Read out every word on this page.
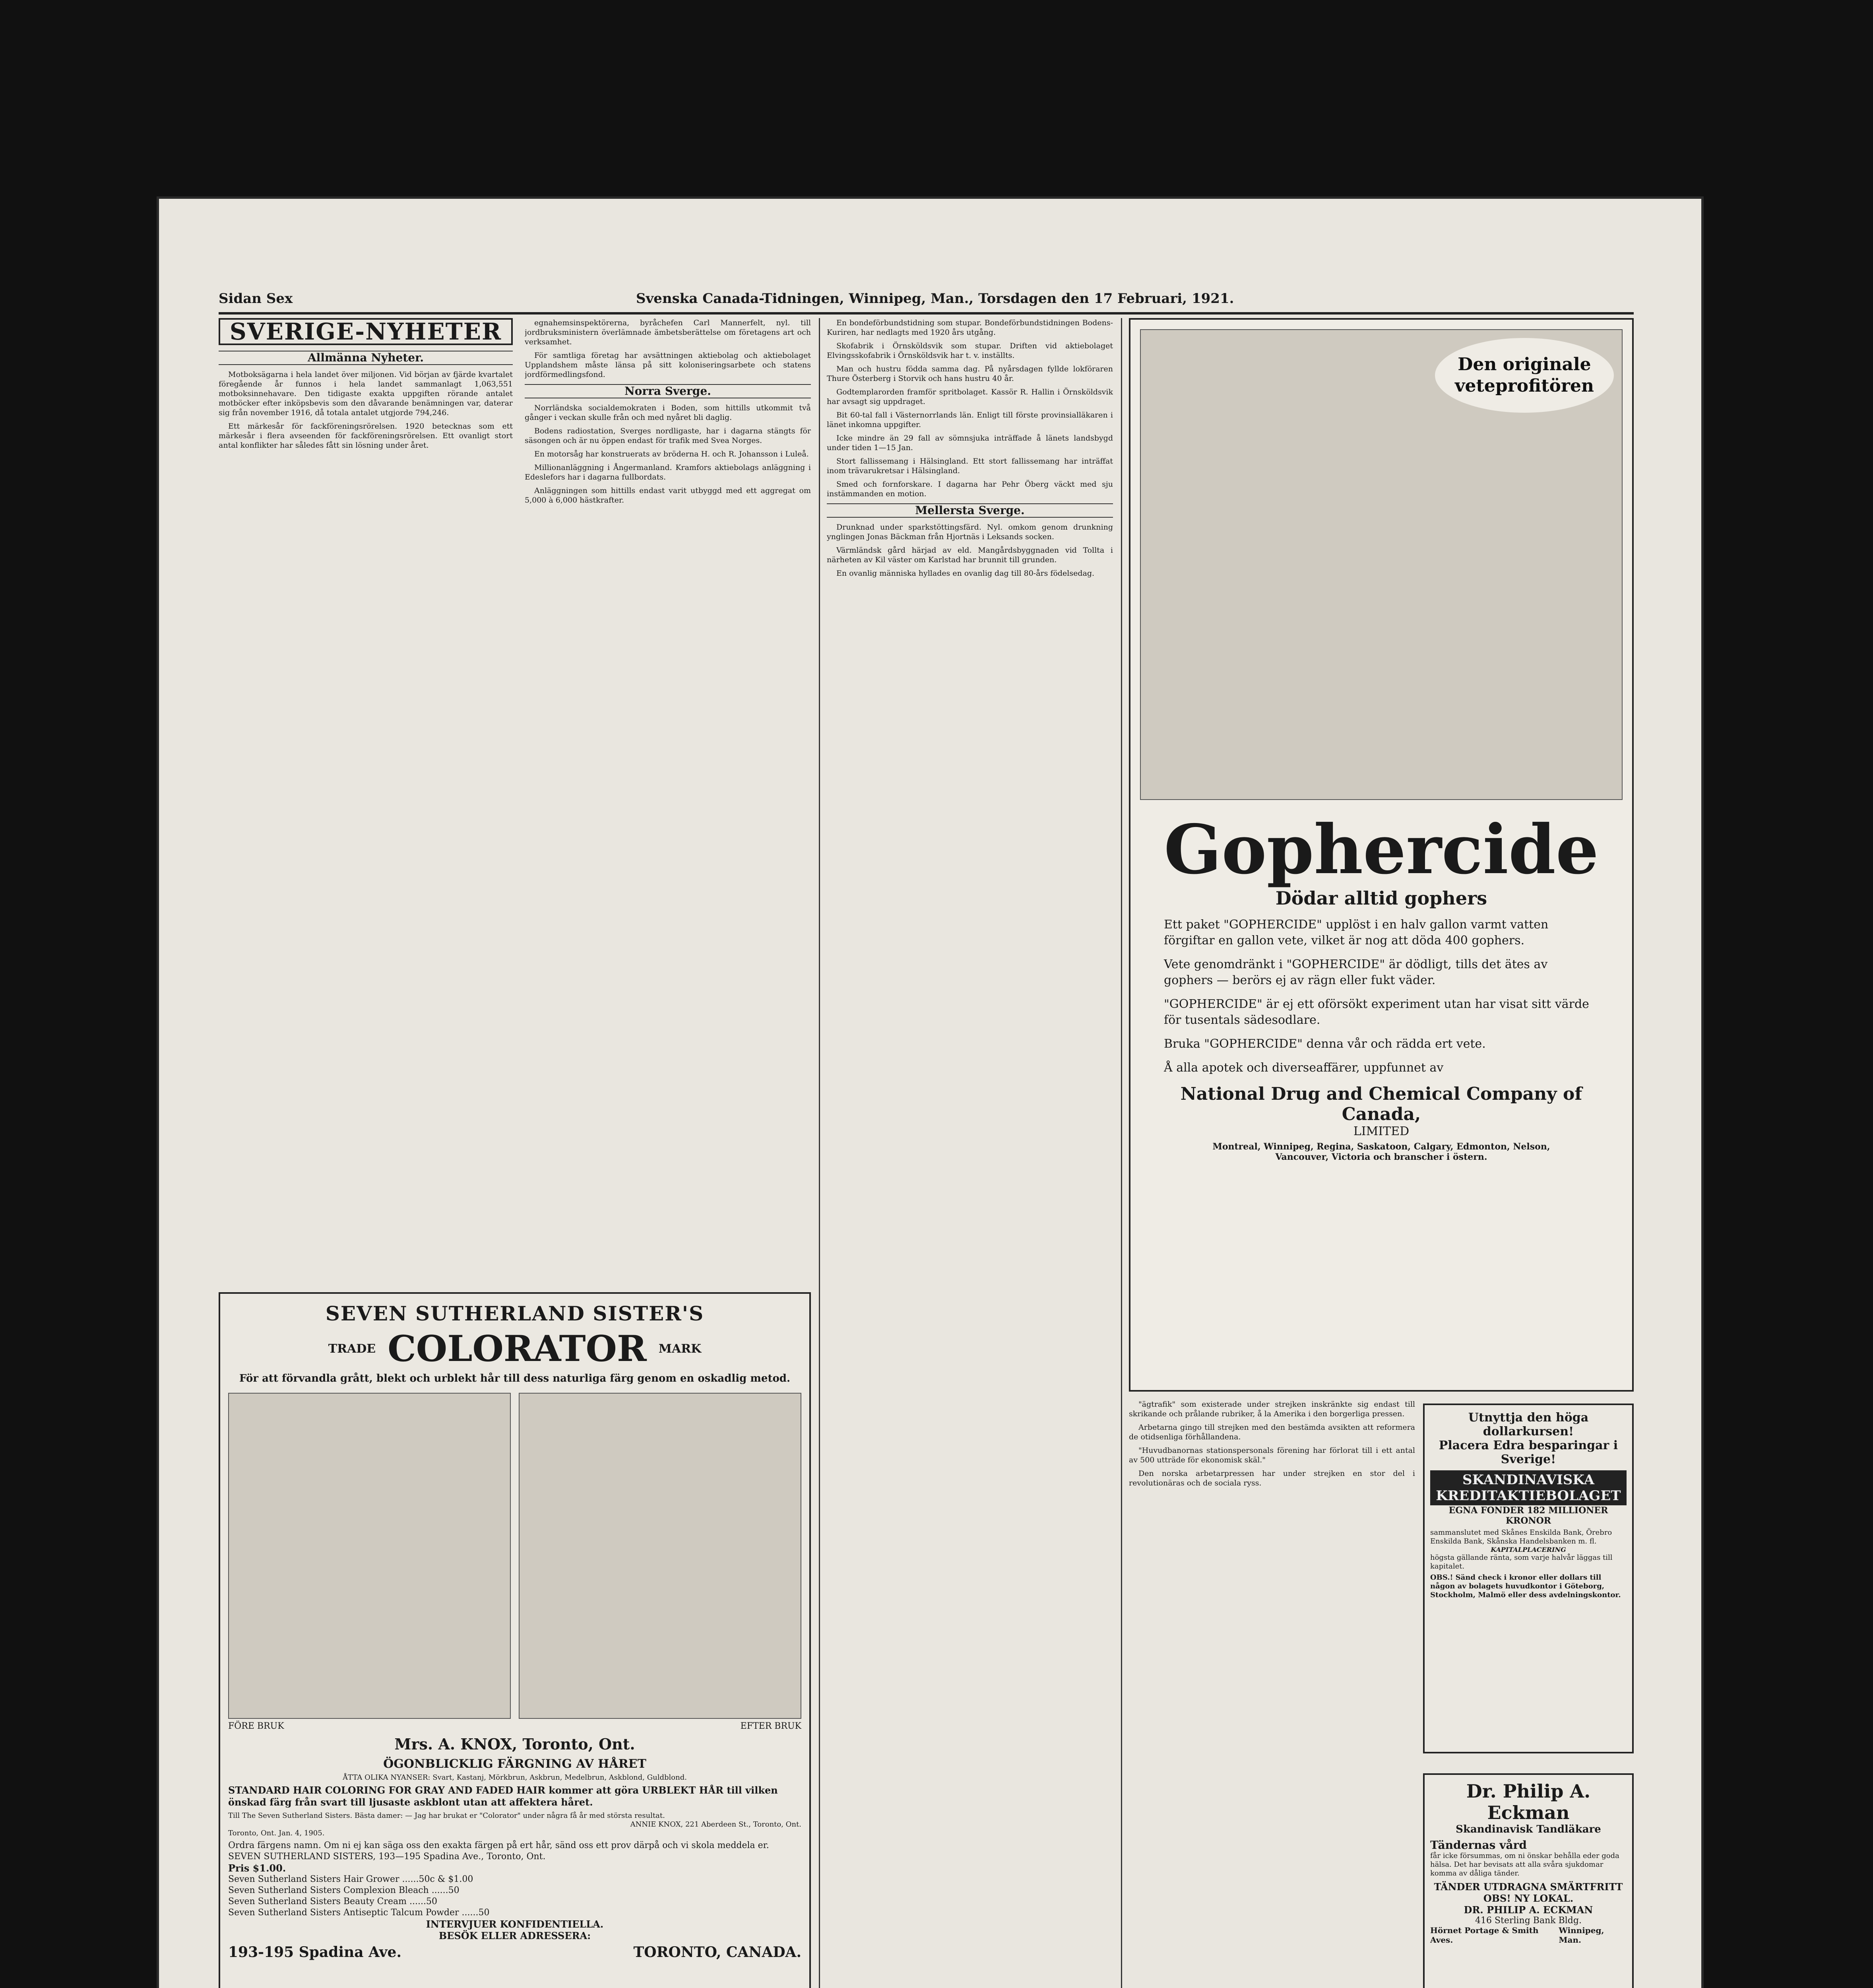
Sidan Sex	Svenska Canada-Tidningen, Winnipeg, Man., Torsdagen den 17 Februari, 1921.
SVERIGE-NYHETER
Allmänna Nyheter.

Motboksägarna i hela landet över miljonen. Vid början av fjärde kvartalet föregående år funnos i hela landet sammanlagt 1,063,551 motboksinnehavare. Den tidigaste exakta uppgiften rörande antalet motböcker efter inköpsbevis som den dåvarande benämningen var, daterar sig från november 1916, då totala antalet utgjorde 794,246.

Ett märkesår för fackföreningsrörelsen. 1920 betecknas som ett märkesår i flera avseenden för fackföreningsrörelsen. Ett ovanligt stort antal konflikter har således fått sin lösning under året.

egnahemsinspektörerna, byråchefen Carl Mannerfelt, nyl. till jordbruksministern överlämnade ämbetsberättelse om företagens art och verksamhet.

För samtliga företag har avsättningen aktiebolag och aktiebolaget Upplandshem måste länsa på sitt koloniseringsarbete och statens jordförmedlingsfond.

Norra Sverge.

Norrländska socialdemokraten i Boden, som hittills utkommit två gånger i veckan skulle från och med nyåret bli daglig.

Bodens radiostation, Sverges nordligaste, har i dagarna stängts för säsongen och är nu öppen endast för trafik med Svea Norges.

En motorsåg har konstruerats av bröderna H. och R. Johansson i Luleå.

Millionanläggning i Ångermanland. Kramfors aktiebolags anläggning i Edeslefors har i dagarna fullbordats.

Anläggningen som hittills endast varit utbyggd med ett aggregat om 5,000 à 6,000 hästkrafter.

SEVEN SUTHERLAND SISTER'S
TRADE COLORATOR MARK
För att förvandla grått, blekt och urblekt hår till dess naturliga färg genom en oskadlig metod.
FÖRE BRUK	EFTER BRUK
Mrs. A. KNOX, Toronto, Ont.
ÖGONBLICKLIG FÄRGNING AV HÅRET
ÅTTA OLIKA NYANSER: Svart, Kastanj, Mörkbrun, Askbrun, Medelbrun, Askblond, Guldblond.
STANDARD HAIR COLORING FOR GRAY AND FADED HAIR kommer att göra URBLEKT HÅR till vilken önskad färg från svart till ljusaste askblont utan att affektera håret.
Till The Seven Sutherland Sisters. Bästa damer: — Jag har brukat er "Colorator" under några få år med största resultat.
ANNIE KNOX, 221 Aberdeen St., Toronto, Ont.
Toronto, Ont. Jan. 4, 1905.
Ordra färgens namn. Om ni ej kan säga oss den exakta färgen på ert hår, sänd oss ett prov därpå och vi skola meddela er. SEVEN SUTHERLAND SISTERS, 193—195 Spadina Ave., Toronto, Ont.
Pris $1.00.
Seven Sutherland Sisters Hair Grower ......50c & $1.00
Seven Sutherland Sisters Complexion Bleach ......50
Seven Sutherland Sisters Beauty Cream ......50
Seven Sutherland Sisters Antiseptic Talcum Powder ......50
INTERVJUER KONFIDENTIELLA.
BESÖK ELLER ADRESSERA:
193-195 Spadina Ave.	TORONTO, CANADA.

En bondeförbundstidning som stupar. Bondeförbundstidningen Bodens-Kuriren, har nedlagts med 1920 års utgång.

Skofabrik i Örnsköldsvik som stupar. Driften vid aktiebolaget Elvingsskofabrik i Örnsköldsvik har t. v. inställts.

Man och hustru födda samma dag. På nyårsdagen fyllde lokföraren Thure Österberg i Storvik och hans hustru 40 år.

Godtemplarorden framför spritbolaget. Kassör R. Hallin i Örnsköldsvik har avsagt sig uppdraget.

Bit 60-tal fall i Västernorrlands län. Enligt till förste provinsialläkaren i länet inkomna uppgifter.

Icke mindre än 29 fall av sömnsjuka inträffade å länets landsbygd under tiden 1—15 Jan.

Stort fallissemang i Hälsingland. Ett stort fallissemang har inträffat inom trävarukretsar i Hälsingland.

Smed och fornforskare. I dagarna har Pehr Öberg väckt med sju instämmanden en motion.

Mellersta Sverge.

Drunknad under sparkstöttingsfärd. Nyl. omkom genom drunkning ynglingen Jonas Bäckman från Hjortnäs i Leksands socken.

Värmländsk gård härjad av eld. Mangårdsbyggnaden vid Tollta i närheten av Kil väster om Karlstad har brunnit till grunden.

En ovanlig människa hyllades en ovanlig dag till 80-års födelsedag.

Den originale
veteprofitören
Gophercide
Dödar alltid gophers

Ett paket "GOPHERCIDE" upplöst i en halv gallon varmt vatten förgiftar en gallon vete, vilket är nog att döda 400 gophers.

Vete genomdränkt i "GOPHERCIDE" är dödligt, tills det ätes av gophers — berörs ej av rägn eller fukt väder.

"GOPHERCIDE" är ej ett oförsökt experiment utan har visat sitt värde för tusentals sädesodlare.

Bruka "GOPHERCIDE" denna vår och rädda ert vete.

Å alla apotek och diverseaffärer, uppfunnet av

National Drug and Chemical Company of Canada,
LIMITED
Montreal, Winnipeg, Regina, Saskatoon, Calgary, Edmonton, Nelson,
Vancouver, Victoria och branscher i östern.

"ägtrafik" som existerade under strejken inskränkte sig endast till skrikande och prålande rubriker, å la Amerika i den borgerliga pressen.

Arbetarna gingo till strejken med den bestämda avsikten att reformera de otidsenliga förhållandena.

"Huvudbanornas stationspersonals förening har förlorat till i ett antal av 500 utträde för ekonomisk skäl."

Den norska arbetarpressen har under strejken en stor del i revolutionäras och de sociala ryss.

Utnyttja den höga dollarkursen!
Placera Edra besparingar i Sverige!
SKANDINAVISKA KREDITAKTIEBOLAGET
EGNA FONDER 182 MILLIONER KRONOR
sammanslutet med Skånes Enskilda Bank, Örebro Enskilda Bank, Skånska Handelsbanken m. fl.
KAPITALPLACERING
högsta gällande ränta, som varje halvår läggas till kapitalet.
OBS.! Sänd check i kronor eller dollars till någon av bolagets huvudkontor i Göteborg, Stockholm, Malmö eller dess avdelningskontor.
Dr. Philip A. Eckman
Skandinavisk Tandläkare
Tändernas vård
får icke försummas, om ni önskar behålla eder goda hälsa. Det har bevisats att alla svåra sjukdomar komma av dåliga tänder.
TÄNDER UTDRAGNA SMÄRTFRITT
OBS! NY LOKAL.
DR. PHILIP A. ECKMAN
416 Sterling Bank Bldg.
Hörnet Portage & Smith Aves.
Winnipeg, Man.
